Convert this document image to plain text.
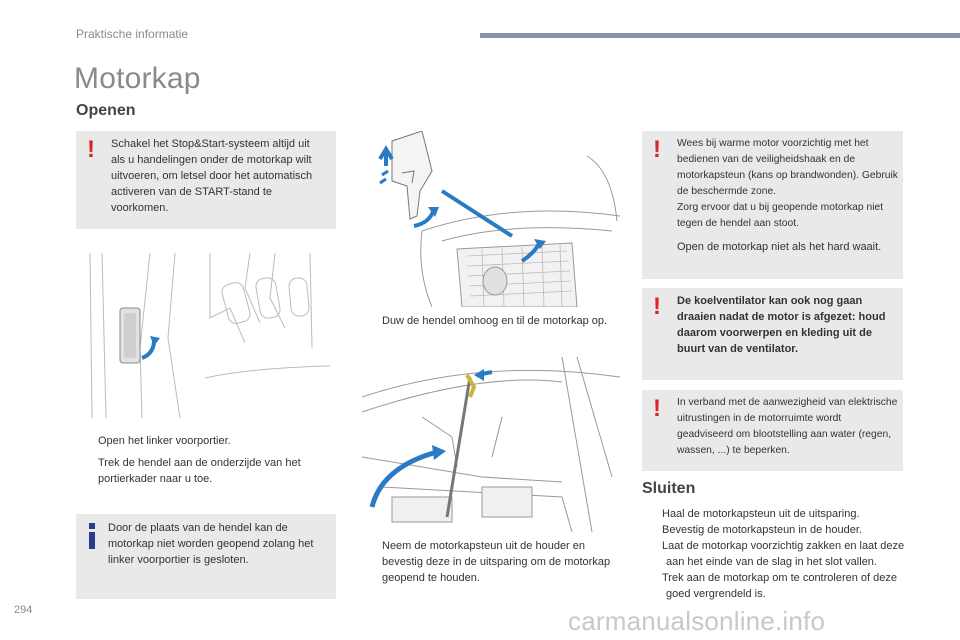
Praktische informatie
Motorkap
Openen
! Schakel het Stop&Start-systeem altijd uit als u handelingen onder de motorkap wilt uitvoeren, om letsel door het automatisch activeren van de START-stand te voorkomen.
Open het linker voorportier.
Trek de hendel aan de onderzijde van het portierkader naar u toe.
Door de plaats van de hendel kan de motorkap niet worden geopend zolang het linker voorportier is gesloten.
Duw de hendel omhoog en til de motorkap op.
Neem de motorkapsteun uit de houder en bevestig deze in de uitsparing om de motorkap geopend te houden.
! Wees bij warme motor voorzichtig met het bedienen van de veiligheidshaak en de motorkapsteun (kans op brandwonden). Gebruik de beschermde zone.
Zorg ervoor dat u bij geopende motorkap niet tegen de hendel aan stoot.
Open de motorkap niet als het hard waait.
! De koelventilator kan ook nog gaan draaien nadat de motor is afgezet: houd daarom voorwerpen en kleding uit de buurt van de ventilator.
! In verband met de aanwezigheid van elektrische uitrustingen in de motorruimte wordt geadviseerd om blootstelling aan water (regen, wassen, ...) te beperken.
Sluiten
Haal de motorkapsteun uit de uitsparing.
Bevestig de motorkapsteun in de houder.
Laat de motorkap voorzichtig zakken en laat deze aan het einde van de slag in het slot vallen.
Trek aan de motorkap om te controleren of deze goed vergrendeld is.
294	carmanualsonline.info
